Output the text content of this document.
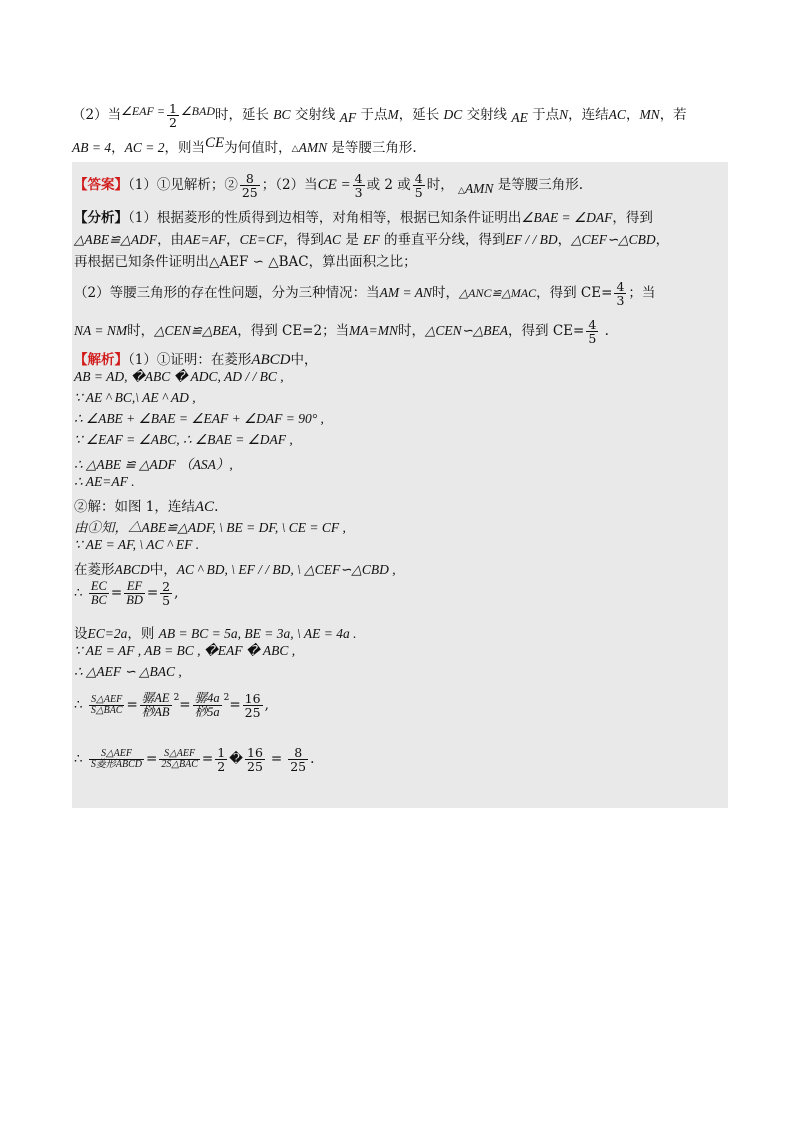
（2）当∠EAF = $\frac{1}{2}$ ∠BAD时，延长 BC 交射线 AF 于点M，延长 DC 交射线 AE 于点N，连结AC，MN，若
AB = 4，AC = 2，则当CE为何值时，△AMN 是等腰三角形.
【答案】（1）①见解析；② $\frac{8}{25}$ ；（2）当CE = $\frac{4}{3}$ 或 2 或 $\frac{4}{5}$ 时， $_\triangle$AMN 是等腰三角形.
【分析】（1）根据菱形的性质得到边相等，对角相等，根据已知条件证明出∠BAE = ∠DAF，得到
△ABE≌△ADF，由AE=AF，CE=CF，得到AC 是 EF 的垂直平分线，得到EF / / BD，△CEF∽△CBD，
再根据已知条件证明出△AEF ∽ △BAC，算出面积之比；
（2）等腰三角形的存在性问题，分为三种情况：当AM = AN时，△ANC≌△MAC，得到 $CE= \frac{4}{3}$ ；当
NA = NM时，△CEN≌△BEA，得到 CE=2；当MA=MN时，△CEN∽△BEA，得到 $CE= \frac{4}{5}$ .
【解析】（1）①证明：在菱形ABCD中，
AB = AD, �ABC � ADC, AD / / BC ,
∵ AE ^ BC,\ AE ^ AD ,
∴ ∠ABE + ∠BAE = ∠EAF + ∠DAF = 90° ,
∵ ∠EAF = ∠ABC, ∴ ∠BAE = ∠DAF ,
∴ △ABE ≌ △ADF （ASA）,
∴ AE=AF .
②解：如图 1，连结AC.
由①知，△ABE≌△ADF, \ BE = DF, \ CE = CF ,
∵ AE = AF, \ AC ^ EF .
在菱形ABCD中，AC ^ BD, \ EF / / BD, \ △CEF∽△CBD ,
∴ $\frac{EC}{BC} = \frac{EF}{BD} = \frac{2}{5}$ ,
设EC=2a，则 AB = BC = 5a, BE = 3a, \ AE = 4a .
∵ AE = AF , AB = BC , �EAF � ABC ,
∴ △AEF ∽ △BAC ,
∴ $\frac{\text{S△AEF}}{\text{S△BAC}} = \frac{\text{骣AE}}{\text{桫AB}} ^2= \frac{\text{骣4a}}{\text{桫5a}} ^2= \frac{16}{25}$ ,
∴ $\frac{\text{S△AEF}}{\text{S菱形ABCD}} = \frac{\text{S△AEF}}{\text{2S△BAC}} = \frac{1}{2}$ � $\frac{16}{25} = \frac{8}{25}$ .
